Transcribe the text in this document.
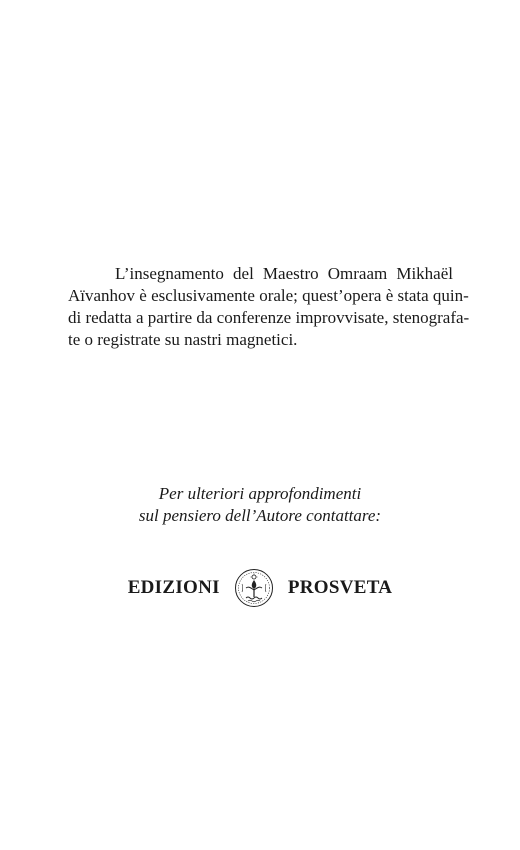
L’insegnamento del Maestro Omraam Mikhaël
Aïvanhov è esclusivamente orale; quest’opera è stata quin-
di redatta a partire da conferenze improvvisate, stenografa-
te o registrate su nastri magnetici.
Per ulteriori approfondimenti
sul pensiero dell’Autore contattare:
EDIZIONI	PROSVETA
